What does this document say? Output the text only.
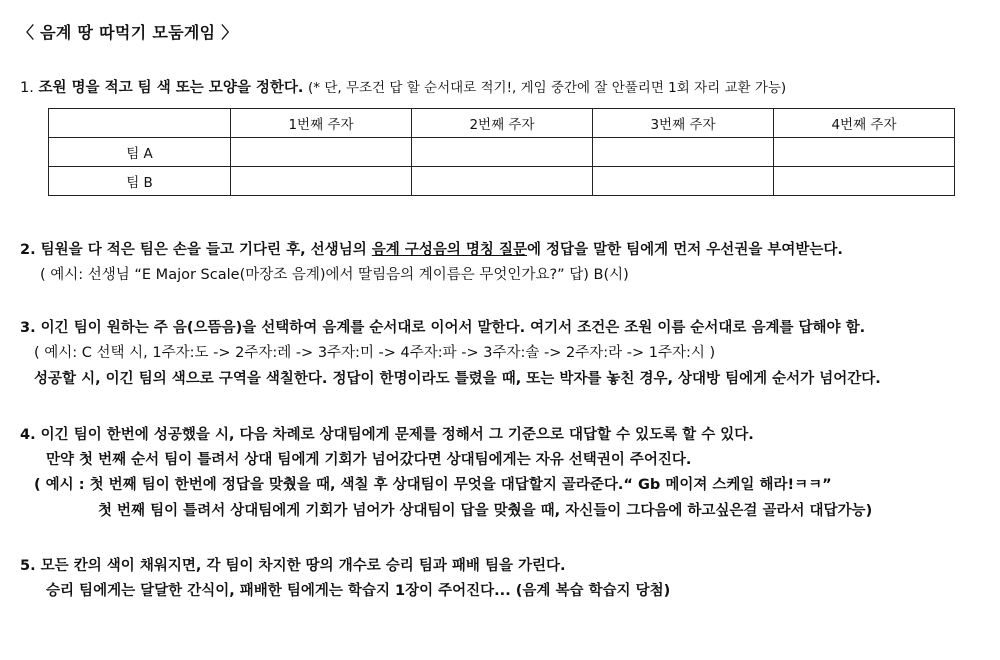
〈 음계 땅 따먹기 모둠게임 〉
1. 조원 명을 적고 팀 색 또는 모양을 정한다. (* 단, 무조건 답 할 순서대로 적기!, 게임 중간에 잘 안풀리면 1회 자리 교환 가능)
	1번째 주자	2번째 주자	3번째 주자	4번째 주자
팀 A				
팀 B				
2. 팀원을 다 적은 팀은 손을 들고 기다린 후, 선생님의 음계 구성음의 명칭 질문에 정답을 말한 팀에게 먼저 우선권을 부여받는다.
( 예시: 선생님 “E Major Scale(마장조 음계)에서 딸림음의 계이름은 무엇인가요?” 답) B(시)
3. 이긴 팀이 원하는 주 음(으뜸음)을 선택하여 음계를 순서대로 이어서 말한다. 여기서 조건은 조원 이름 순서대로 음계를 답해야 함.
( 예시: C 선택 시, 1주자:도 -> 2주자:레 -> 3주자:미 -> 4주자:파 -> 3주자:솔 -> 2주자:라 -> 1주자:시 )
성공할 시, 이긴 팀의 색으로 구역을 색칠한다. 정답이 한명이라도 틀렸을 때, 또는 박자를 놓친 경우, 상대방 팀에게 순서가 넘어간다.
4. 이긴 팀이 한번에 성공했을 시, 다음 차례로 상대팀에게 문제를 정해서 그 기준으로 대답할 수 있도록 할 수 있다.
만약 첫 번째 순서 팀이 틀려서 상대 팀에게 기회가 넘어갔다면 상대팀에게는 자유 선택권이 주어진다.
( 예시 : 첫 번째 팀이 한번에 정답을 맞췄을 때, 색칠 후 상대팀이 무엇을 대답할지 골라준다.“ Gb 메이져 스케일 해라!ㅋㅋ”
첫 번째 팀이 틀려서 상대팀에게 기회가 넘어가 상대팀이 답을 맞췄을 때, 자신들이 그다음에 하고싶은걸 골라서 대답가능)
5. 모든 칸의 색이 채워지면, 각 팀이 차지한 땅의 개수로 승리 팀과 패배 팀을 가린다.
승리 팀에게는 달달한 간식이, 패배한 팀에게는 학습지 1장이 주어진다... (음계 복습 학습지 당첨)
